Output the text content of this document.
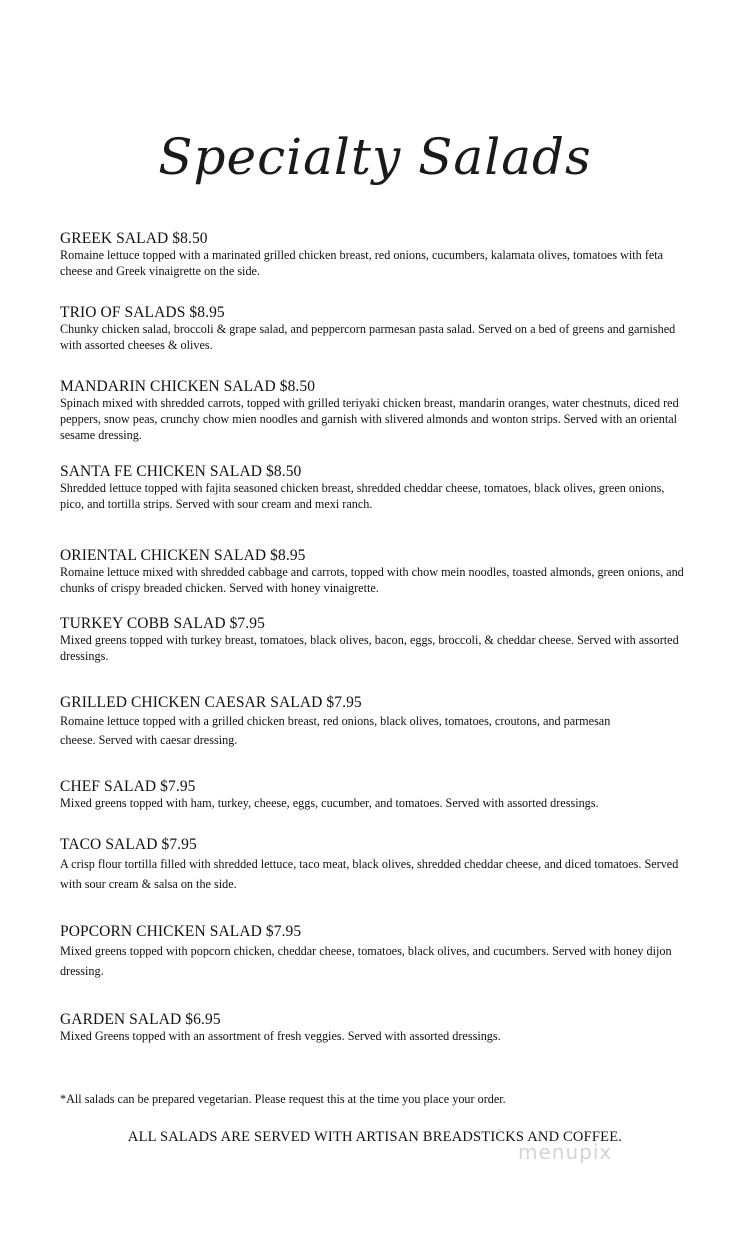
Specialty Salads
GREEK SALAD $8.50
Romaine lettuce topped with a marinated grilled chicken breast, red onions, cucumbers, kalamata olives, tomatoes with feta cheese and Greek vinaigrette on the side.
TRIO OF SALADS $8.95
Chunky chicken salad, broccoli & grape salad, and peppercorn parmesan pasta salad. Served on a bed of greens and garnished with assorted cheeses & olives.
MANDARIN CHICKEN SALAD $8.50
Spinach mixed with shredded carrots, topped with grilled teriyaki chicken breast, mandarin oranges, water chestnuts, diced red peppers, snow peas, crunchy chow mien noodles and garnish with slivered almonds and wonton strips. Served with an oriental sesame dressing.
SANTA FE CHICKEN SALAD $8.50
Shredded lettuce topped with fajita seasoned chicken breast, shredded cheddar cheese, tomatoes, black olives, green onions, pico, and tortilla strips. Served with sour cream and mexi ranch.
ORIENTAL CHICKEN SALAD $8.95
Romaine lettuce mixed with shredded cabbage and carrots, topped with chow mein noodles, toasted almonds, green onions, and chunks of crispy breaded chicken. Served with honey vinaigrette.
TURKEY COBB SALAD $7.95
Mixed greens topped with turkey breast, tomatoes, black olives, bacon, eggs, broccoli, & cheddar cheese. Served with assorted dressings.
GRILLED CHICKEN CAESAR SALAD $7.95
Romaine lettuce topped with a grilled chicken breast, red onions, black olives, tomatoes, croutons, and parmesan cheese. Served with caesar dressing.
CHEF SALAD $7.95
Mixed greens topped with ham, turkey, cheese, eggs, cucumber, and tomatoes. Served with assorted dressings.
TACO SALAD $7.95
A crisp flour tortilla filled with shredded lettuce, taco meat, black olives, shredded cheddar cheese, and diced tomatoes. Served with sour cream & salsa on the side.
POPCORN CHICKEN SALAD $7.95
Mixed greens topped with popcorn chicken, cheddar cheese, tomatoes, black olives, and cucumbers. Served with honey dijon dressing.
GARDEN SALAD $6.95
Mixed Greens topped with an assortment of fresh veggies. Served with assorted dressings.
*All salads can be prepared vegetarian. Please request this at the time you place your order.
ALL SALADS ARE SERVED WITH ARTISAN BREADSTICKS AND COFFEE.
menupix
